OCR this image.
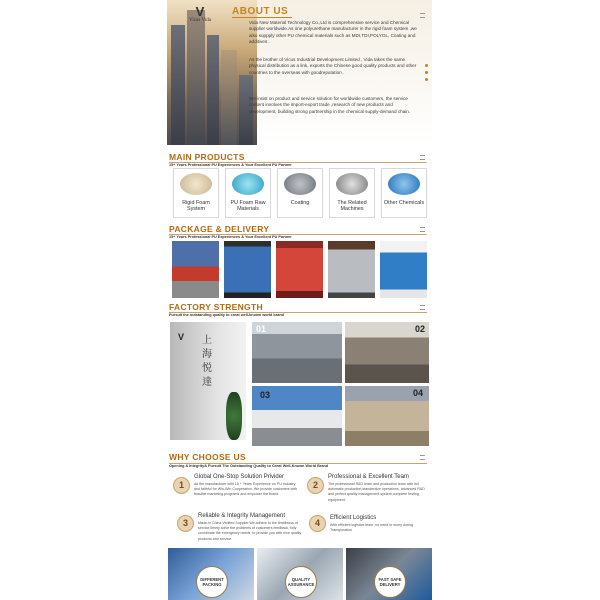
V
Vicus Vida
ABOUT US
Vida New Material Technology Co.,Ltd is comprehensive service and Chemical supplier worldwide.As one polyurethane manufacturer in the rigid foam system ,we also suppply other PU chemical materials such as MDI,TDI,POLYOL, Coating and additives .
As the brother of Vicus Industrial Development Limited , Vida takes the same physical distribution as a link, exports the Chinese good quality products and other countries to the overseas with goodreputation .
We insist on product and service solution for worldwide customers, the service content involves the import-export trade ,research of new products and development, building strong partnership in the chemical supply-demand chain.
MAIN PRODUCTS
15+ Years Professional PU Experiences & Your Excellent PU Partner
Rigid Foam System
PU Foam Raw Materials
Coating	The Related Machines
Other Chemicals
PACKAGE & DELIVERY
15+ Years Professional PU Experiences & Your Excellent PU Partner
FACTORY STRENGTH
Pursuit the outstanding quality to creat well-known world brand
V 上 海 悦 達
01	02
03	04
WHY CHOOSE US
Opening & Integrity& Pursuit The Outstanding Quality to Creat Well-Known World Brand
1
Global One-Stop Solution Privider
As the manufacturer with 15 + Years Experience on PU industry and faithful for Win-Win Cooperation, We provide customers with feasible marketing programs and empower the brand.
2
Professional & Excellent Team
The professional R&D team and production team with full automatic production,standerdize operations, advanced R&D and perfect quality management system,complete testing equipment.
3
Reliable & Integrity Management
Made-in China Verified Supplier,We adhere to the timeliness of service,timely solve the problems of customers feedback, fully coordinate the emergency needs, to provide you with nice quality products and service.
4	Efficient Logistics
With efficient logistics team ,no need to worry during Transporation
DIFFERENT PACKING
QUALITY ASSURANCE
FAST SAFE DELIVERY
